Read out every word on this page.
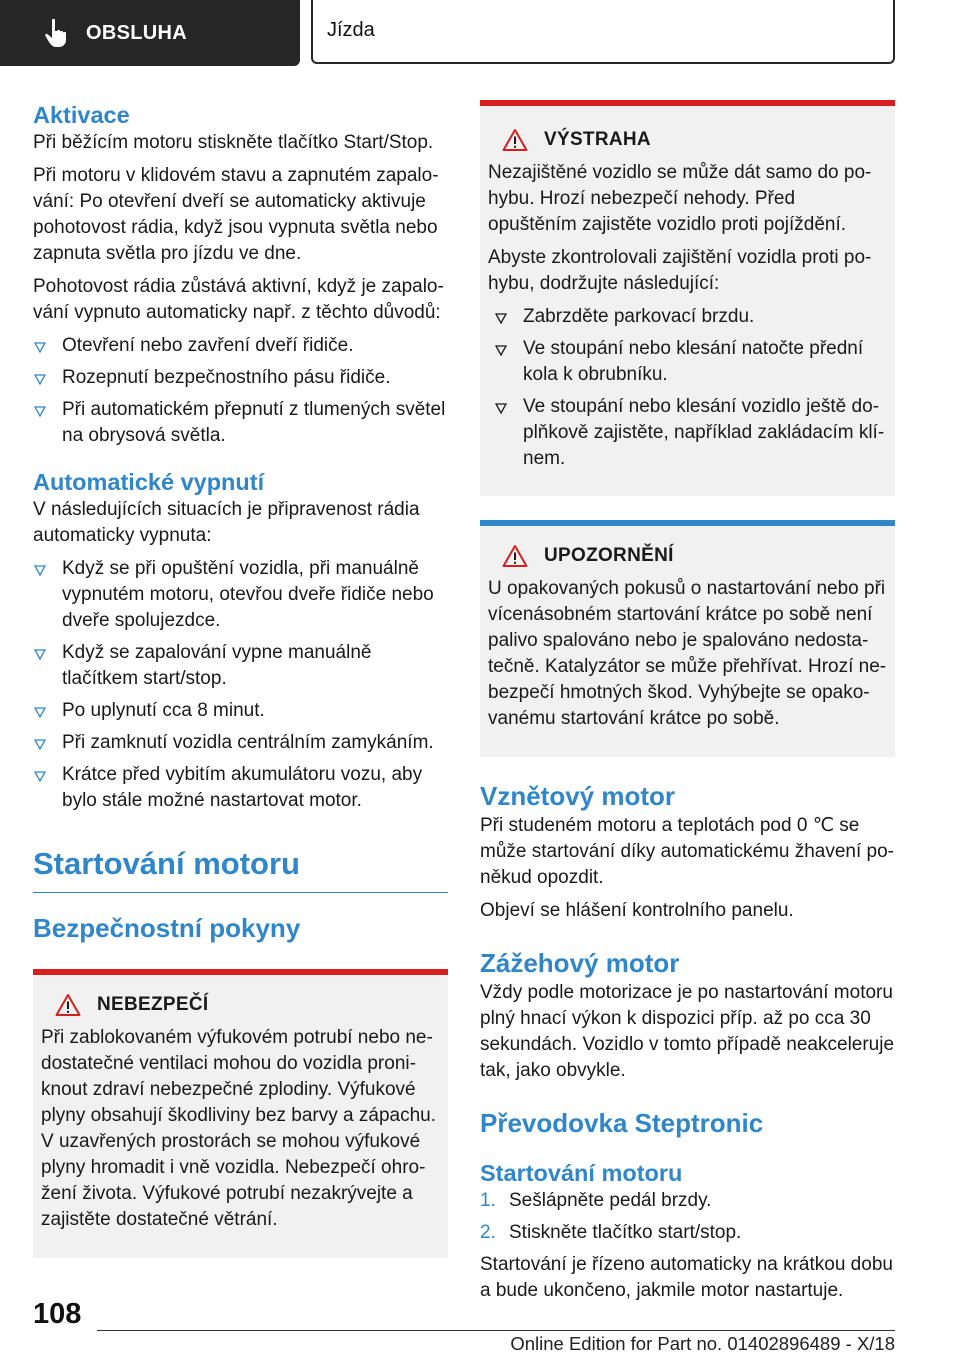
OBSLUHA	Jízda
Aktivace

Při běžícím motoru stiskněte tlačítko Start/Stop.

Při motoru v klidovém stavu a zapnutém zapalování: Po otevření dveří se automaticky aktivuje pohotovost rádia, když jsou vypnuta světla nebo zapnuta světla pro jízdu ve dne.

Pohotovost rádia zůstává aktivní, když je zapalování vypnuto automaticky např. z těchto důvodů:

Otevření nebo zavření dveří řidiče.
Rozepnutí bezpečnostního pásu řidiče.
Při automatickém přepnutí z tlumených světel na obrysová světla.
Automatické vypnutí

V následujících situacích je připravenost rádia automaticky vypnuta:

Když se při opuštění vozidla, při manuálně vypnutém motoru, otevřou dveře řidiče nebo dveře spolujezdce.
Když se zapalování vypne manuálně tlačítkem start/stop.
Po uplynutí cca 8 minut.
Při zamknutí vozidla centrálním zamykáním.
Krátce před vybitím akumulátoru vozu, aby bylo stále možné nastartovat motor.
Startování motoru
Bezpečnostní pokyny
NEBEZPEČÍ

Při zablokovaném výfukovém potrubí nebo nedostatečné ventilaci mohou do vozidla proniknout zdraví nebezpečné zplodiny. Výfukové plyny obsahují škodliviny bez barvy a zápachu. V uzavřených prostorách se mohou výfukové plyny hromadit i vně vozidla. Nebezpečí ohrožení života. Výfukové potrubí nezakrývejte a zajistěte dostatečné větrání.

VÝSTRAHA

Nezajištěné vozidlo se může dát samo do pohybu. Hrozí nebezpečí nehody. Před opuštěním zajistěte vozidlo proti pojíždění.

Abyste zkontrolovali zajištění vozidla proti pohybu, dodržujte následující:

Zabrzděte parkovací brzdu.
Ve stoupání nebo klesání natočte přední kola k obrubníku.
Ve stoupání nebo klesání vozidlo ještě doplňkově zajistěte, například zakládacím klínem.
UPOZORNĚNÍ

U opakovaných pokusů o nastartování nebo při vícenásobném startování krátce po sobě není palivo spalováno nebo je spalováno nedostatečně. Katalyzátor se může přehřívat. Hrozí nebezpečí hmotných škod. Vyhýbejte se opakovanému startování krátce po sobě.

Vznětový motor

Při studeném motoru a teplotách pod 0 ℃ se může startování díky automatickému žhavení poněkud opozdit.

Objeví se hlášení kontrolního panelu.

Zážehový motor

Vždy podle motorizace je po nastartování motoru plný hnací výkon k dispozici příp. až po cca 30 sekundách. Vozidlo v tomto případě neakceleruje tak, jako obvykle.

Převodovka Steptronic
Startování motoru
1. Sešlápněte pedál brzdy.
2. Stiskněte tlačítko start/stop.

Startování je řízeno automaticky na krátkou dobu a bude ukončeno, jakmile motor nastartuje.

108
Online Edition for Part no. 01402896489 - X/18
